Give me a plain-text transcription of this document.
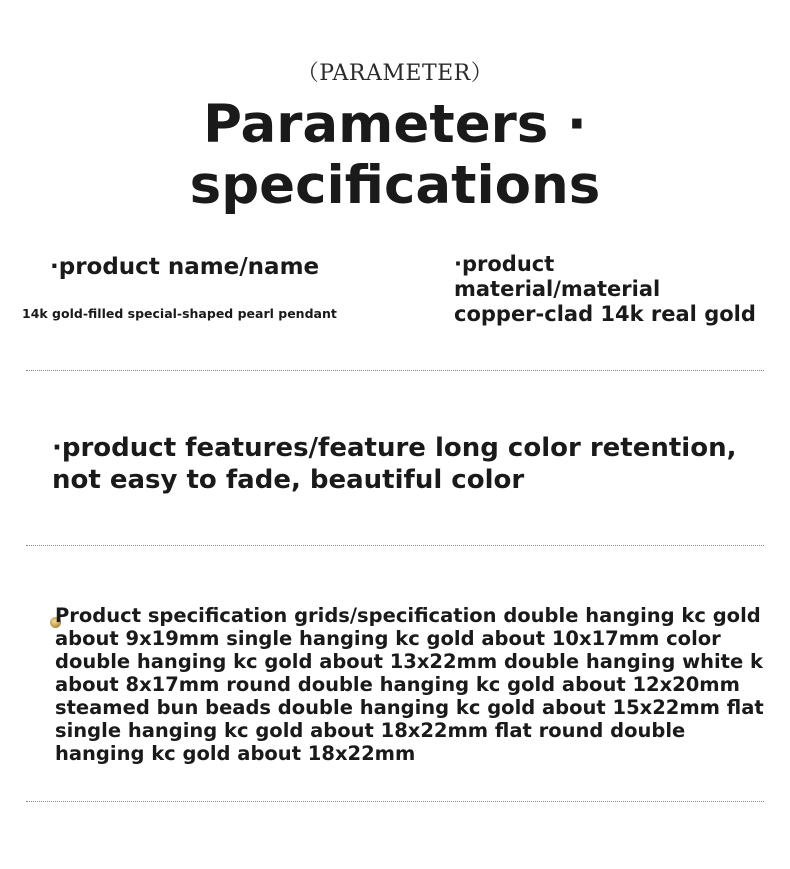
（PARAMETER）
Parameters · specifications
·product name/name
14k gold-filled special-shaped pearl pendant
·product
material/material
copper-clad 14k real gold
·product features/feature long color retention, not easy to fade, beautiful color
Product specification grids/specification double hanging kc gold about 9x19mm single hanging kc gold about 10x17mm color double hanging kc gold about 13x22mm double hanging white k about 8x17mm round double hanging kc gold about 12x20mm steamed bun beads double hanging kc gold about 15x22mm flat single hanging kc gold about 18x22mm flat round double hanging kc gold about 18x22mm
